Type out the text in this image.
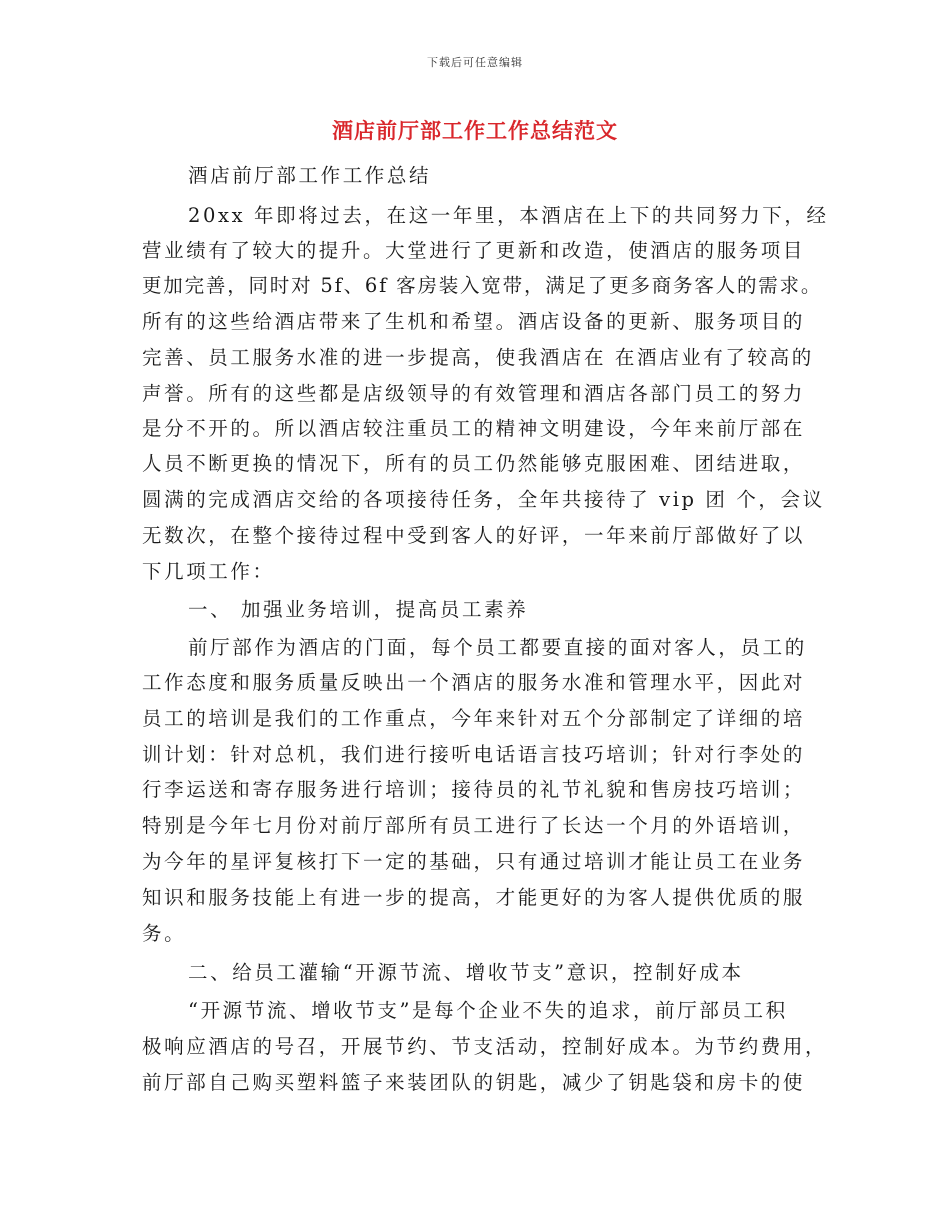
下载后可任意编辑
酒店前厅部工作工作总结范文
酒店前厅部工作工作总结
20xx 年即将过去，在这一年里，本酒店在上下的共同努力下，经
营业绩有了较大的提升。大堂进行了更新和改造，使酒店的服务项目
更加完善，同时对 5f、6f 客房装入宽带，满足了更多商务客人的需求。
所有的这些给酒店带来了生机和希望。酒店设备的更新、服务项目的
完善、员工服务水准的进一步提高，使我酒店在 在酒店业有了较高的
声誉。所有的这些都是店级领导的有效管理和酒店各部门员工的努力
是分不开的。所以酒店较注重员工的精神文明建设，今年来前厅部在
人员不断更换的情况下，所有的员工仍然能够克服困难、团结进取，
圆满的完成酒店交给的各项接待任务，全年共接待了 vip 团 个，会议
无数次，在整个接待过程中受到客人的好评，一年来前厅部做好了以
下几项工作：
一、 加强业务培训，提高员工素养
前厅部作为酒店的门面，每个员工都要直接的面对客人，员工的
工作态度和服务质量反映出一个酒店的服务水准和管理水平，因此对
员工的培训是我们的工作重点，今年来针对五个分部制定了详细的培
训计划：针对总机，我们进行接听电话语言技巧培训；针对行李处的
行李运送和寄存服务进行培训；接待员的礼节礼貌和售房技巧培训；
特别是今年七月份对前厅部所有员工进行了长达一个月的外语培训，
为今年的星评复核打下一定的基础，只有通过培训才能让员工在业务
知识和服务技能上有进一步的提高，才能更好的为客人提供优质的服
务。
二、给员工灌输“开源节流、增收节支”意识，控制好成本
“开源节流、增收节支”是每个企业不失的追求，前厅部员工积
极响应酒店的号召，开展节约、节支活动，控制好成本。为节约费用，
前厅部自己购买塑料篮子来装团队的钥匙，减少了钥匙袋和房卡的使
